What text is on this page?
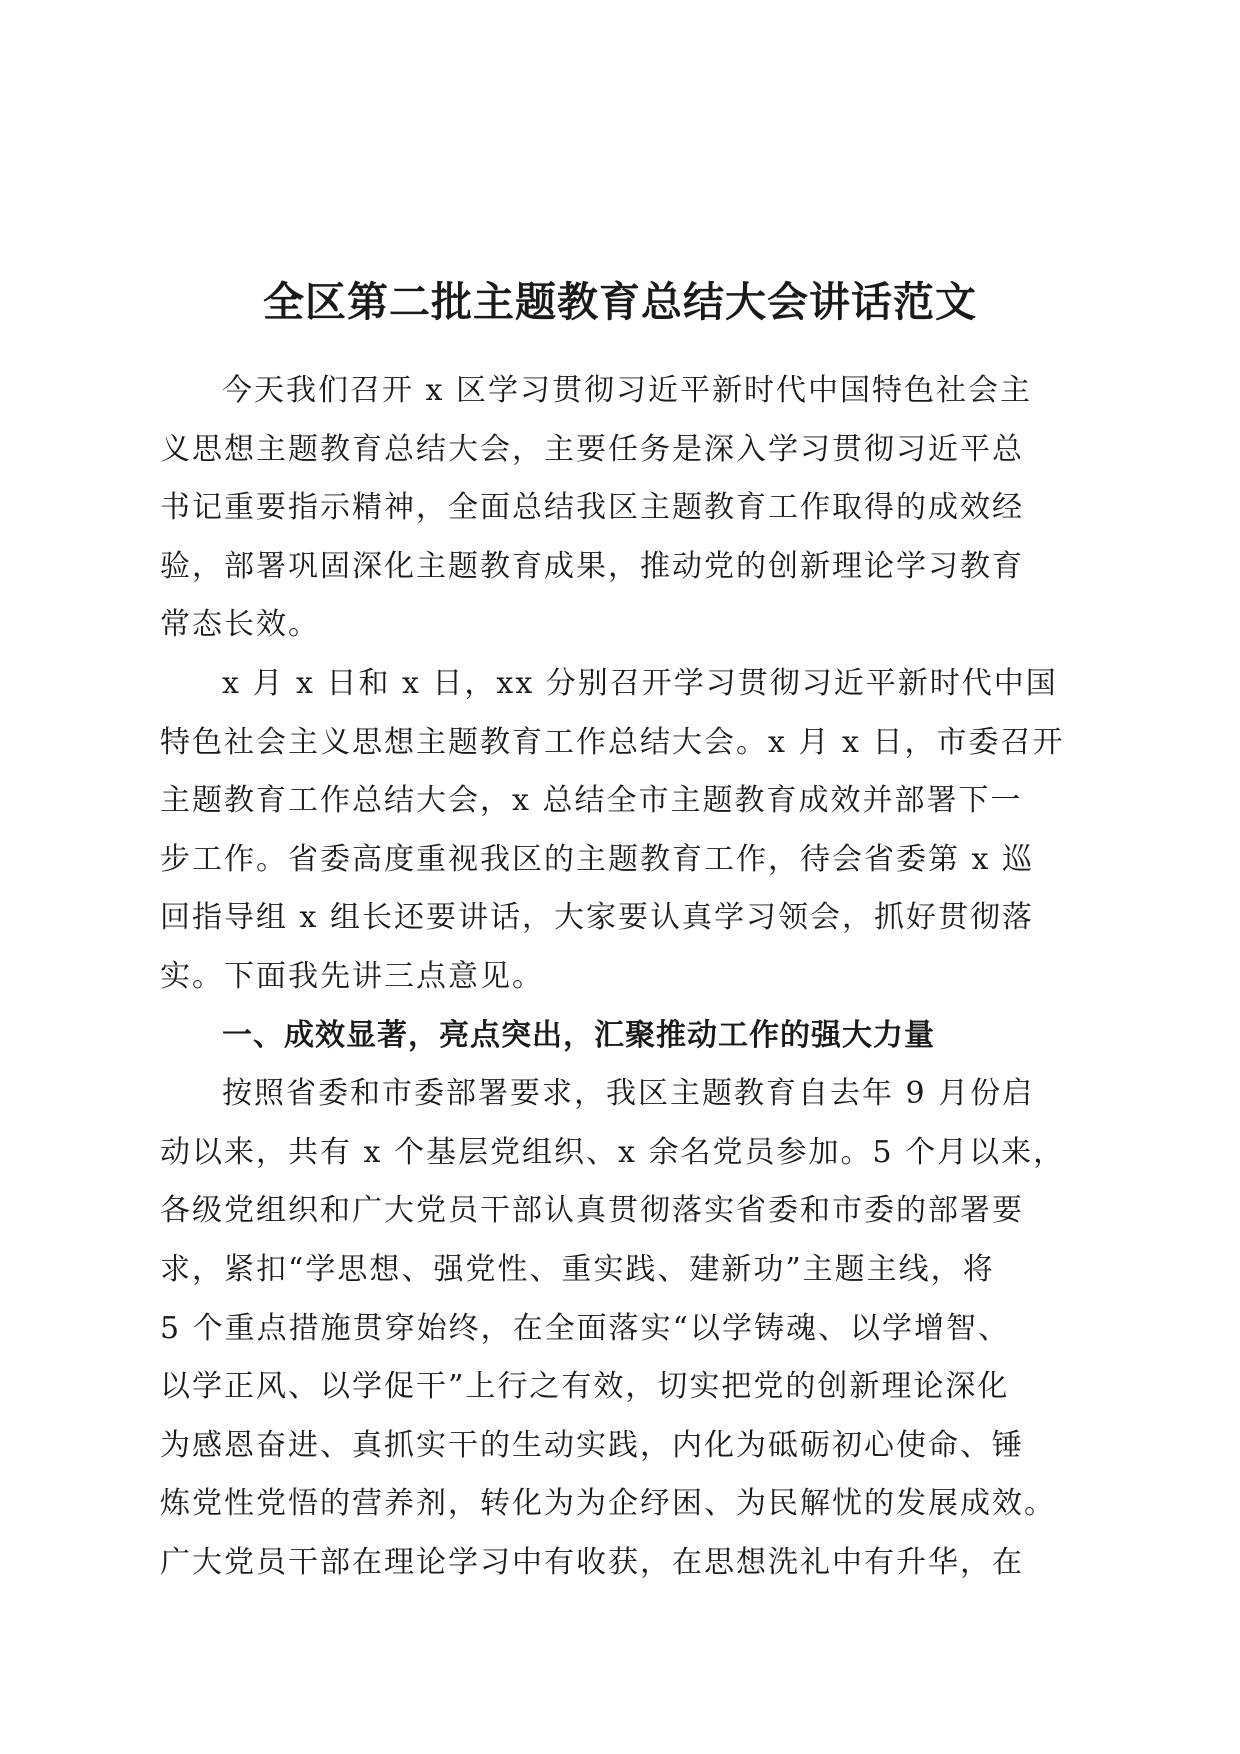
全区第二批主题教育总结大会讲话范文
今天我们召开 x 区学习贯彻习近平新时代中国特色社会主
义思想主题教育总结大会，主要任务是深入学习贯彻习近平总
书记重要指示精神，全面总结我区主题教育工作取得的成效经
验，部署巩固深化主题教育成果，推动党的创新理论学习教育
常态长效。
x 月 x 日和 x 日，xx 分别召开学习贯彻习近平新时代中国
特色社会主义思想主题教育工作总结大会。x 月 x 日，市委召开
主题教育工作总结大会，x 总结全市主题教育成效并部署下一
步工作。省委高度重视我区的主题教育工作，待会省委第 x 巡
回指导组 x 组长还要讲话，大家要认真学习领会，抓好贯彻落
实。下面我先讲三点意见。
一、成效显著，亮点突出，汇聚推动工作的强大力量
按照省委和市委部署要求，我区主题教育自去年 9 月份启
动以来，共有 x 个基层党组织、x 余名党员参加。5 个月以来，
各级党组织和广大党员干部认真贯彻落实省委和市委的部署要
求，紧扣“学思想、强党性、重实践、建新功”主题主线，将
5 个重点措施贯穿始终，在全面落实“以学铸魂、以学增智、
以学正风、以学促干”上行之有效，切实把党的创新理论深化
为感恩奋进、真抓实干的生动实践，内化为砥砺初心使命、锤
炼党性党悟的营养剂，转化为为企纾困、为民解忧的发展成效。
广大党员干部在理论学习中有收获，在思想洗礼中有升华，在
